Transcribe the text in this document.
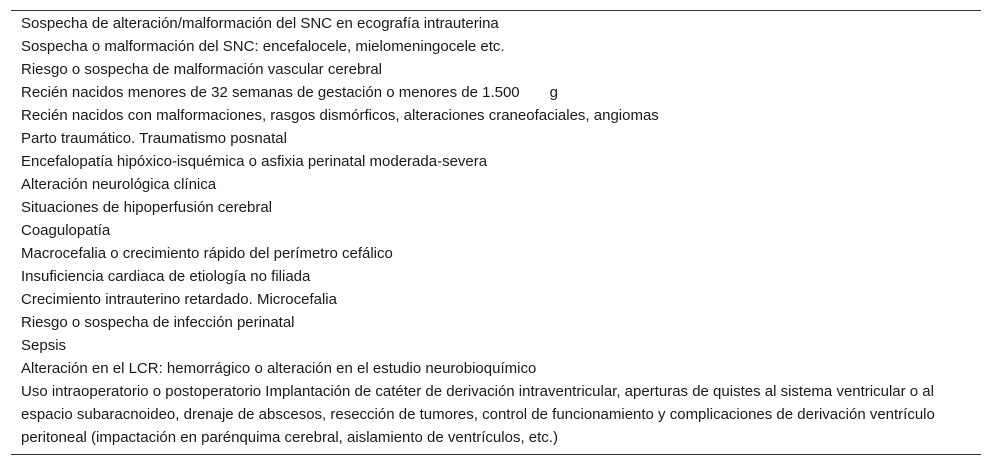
Sospecha de alteración/malformación del SNC en ecografía intrauterina
Sospecha o malformación del SNC: encefalocele, mielomeningocele etc.
Riesgo o sospecha de malformación vascular cerebral
Recién nacidos menores de 32 semanas de gestación o menores de 1.500  g
Recién nacidos con malformaciones, rasgos dismórficos, alteraciones craneofaciales, angiomas
Parto traumático. Traumatismo posnatal
Encefalopatía hipóxico-isquémica o asfixia perinatal moderada-severa
Alteración neurológica clínica
Situaciones de hipoperfusión cerebral
Coagulopatía
Macrocefalia o crecimiento rápido del perímetro cefálico
Insuficiencia cardiaca de etiología no filiada
Crecimiento intrauterino retardado. Microcefalia
Riesgo o sospecha de infección perinatal
Sepsis
Alteración en el LCR: hemorrágico o alteración en el estudio neurobioquímico
Uso intraoperatorio o postoperatorio Implantación de catéter de derivación intraventricular, aperturas de quistes al sistema ventricular o al espacio subaracnoideo, drenaje de abscesos, resección de tumores, control de funcionamiento y complicaciones de derivación ventrículo peritoneal (impactación en parénquima cerebral, aislamiento de ventrículos, etc.)
